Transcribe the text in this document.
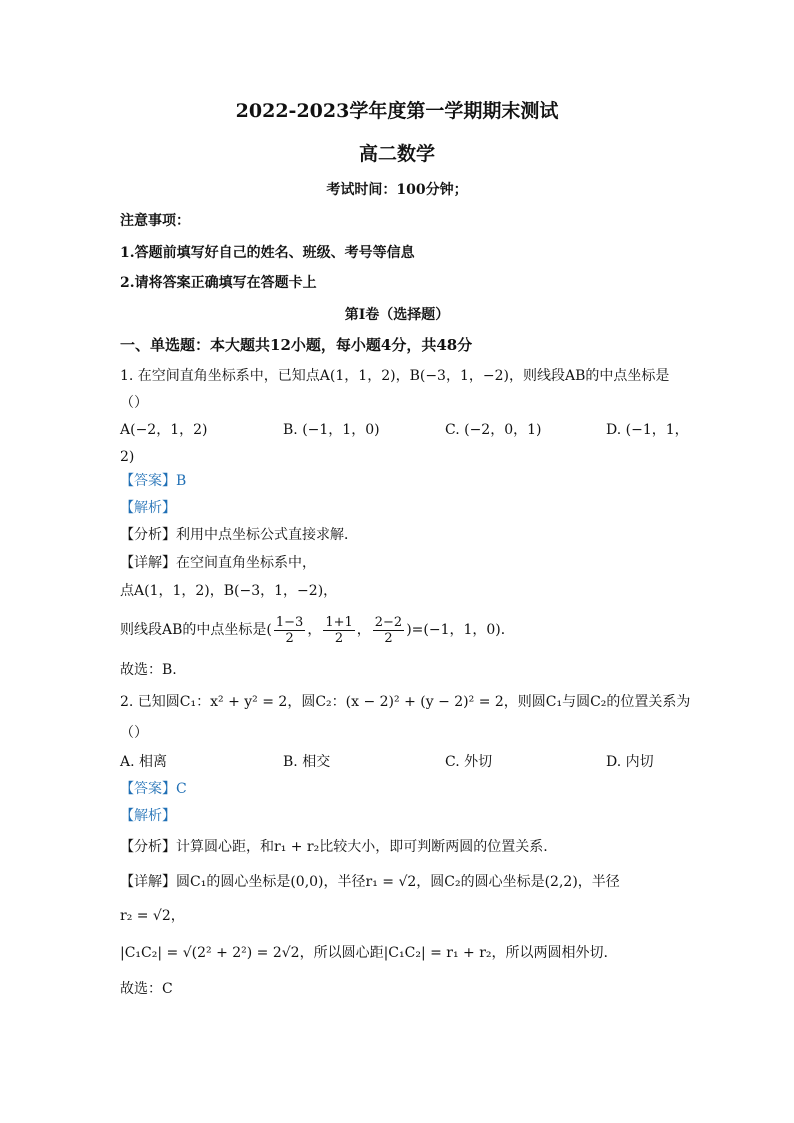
2022-2023学年度第一学期期末测试
高二数学
考试时间：100分钟；
注意事项：
1.答题前填写好自己的姓名、班级、考号等信息
2.请将答案正确填写在答题卡上
第I卷（选择题）
一、单选题：本大题共12小题，每小题4分，共48分
1. 在空间直角坐标系中，已知点A(1，1，2)，B(−3，1，−2)，则线段AB的中点坐标是
（）
A(−2，1，2)	B. (−1，1，0)	C. (−2，0，1)	D. (−1，1，
2)
【答案】B
【解析】
【分析】利用中点坐标公式直接求解．
【详解】在空间直角坐标系中，
点A(1，1，2)，B(−3，1，−2)，
则线段AB的中点坐标是( $\frac{1-3}{2}$ ， $\frac{1+1}{2}$ ， $\frac{2-2}{2} )=(-1$，1，0)．
故选：B.
2. 已知圆C₁：x² + y² = 2，圆C₂：(x − 2)² + (y − 2)² = 2，则圆C₁与圆C₂的位置关系为
（）
A. 相离	B. 相交	C. 外切	D. 内切
【答案】C
【解析】
【分析】计算圆心距，和r₁ + r₂比较大小，即可判断两圆的位置关系.
【详解】圆C₁的圆心坐标是(0,0)，半径r₁ = √2，圆C₂的圆心坐标是(2,2)，半径
r₂ = √2，
|C₁C₂| = √(2² + 2²) = 2√2，所以圆心距|C₁C₂| = r₁ + r₂，所以两圆相外切.
故选：C
